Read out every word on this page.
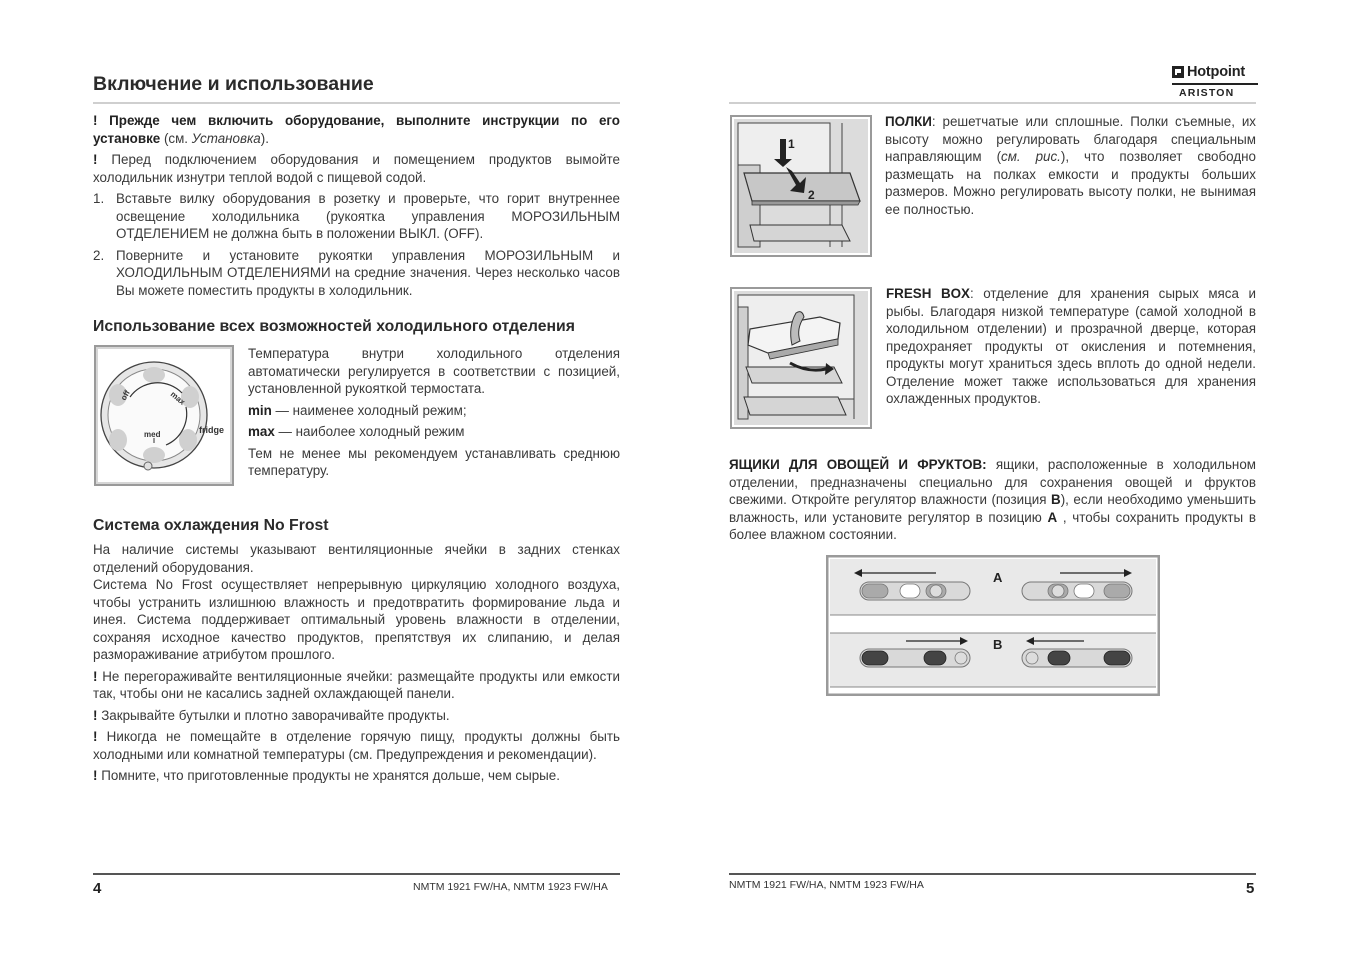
Включение и использование

! Прежде чем включить оборудование, выполните инструкции по его установке (см. Установка).

! Перед подключением оборудования и помещением продуктов вымойте холодильник изнутри теплой водой с пищевой содой.

1. Вставьте вилку оборудования в розетку и проверьте, что горит внутреннее освещение холодильника (рукоятка управления МОРОЗИЛЬНЫМ ОТДЕЛЕНИЕМ не должна быть в положении ВЫКЛ. (OFF).
2. Поверните и установите рукоятки управления МОРОЗИЛЬНЫМ и ХОЛОДИЛЬНЫМ ОТДЕЛЕНИЯМИ на средние значения. Через несколько часов Вы можете поместить продукты в холодильник.
Использование всех возможностей холодильного отделения
off	max
med	fridge

Температура внутри холодильного отделения автоматически регулируется в соответствии с позицией, установленной рукояткой термостата.

min — наименее холодный режим;

max — наиболее холодный режим

Тем не менее мы рекомендуем устанавливать среднюю температуру.

Система охлаждения No Frost

На наличие системы указывают вентиляционные ячейки в задних стенках отделений оборудования.

Система No Frost осуществляет непрерывную циркуляцию холодного воздуха, чтобы устранить излишнюю влажность и предотвратить формирование льда и инея. Система поддерживает оптимальный уровень влажности в отделении, сохраняя исходное качество продуктов, препятствуя их слипанию, и делая размораживание атрибутом прошлого.

! Не перегораживайте вентиляционные ячейки: размещайте продукты или емкости так, чтобы они не касались задней охлаждающей панели.

! Закрывайте бутылки и плотно заворачивайте продукты.

! Никогда не помещайте в отделение горячую пищу, продукты должны быть холодными или комнатной температуры (см. Предупреждения и рекомендации).

! Помните, что приготовленные продукты не хранятся дольше, чем сырые.

4	NMTM 1921 FW/HA, NMTM 1923 FW/HA
Hotpoint
ARISTON
1
2

ПОЛКИ: решетчатые или сплошные. Полки съемные, их высоту можно регулировать благодаря специальным направляющим (см. рис.), что позволяет свободно размещать на полках емкости и продукты больших размеров. Можно регулировать высоту полки, не вынимая ее полностью.

FRESH BOX: отделение для хранения сырых мяса и рыбы. Благодаря низкой температуре (самой холодной в холодильном отделении) и прозрачной дверце, которая предохраняет продукты от окисления и потемнения, продукты могут храниться здесь вплоть до одной недели. Отделение может также использоваться для хранения охлажденных продуктов.

ЯЩИКИ ДЛЯ ОВОЩЕЙ И ФРУКТОВ: ящики, расположенные в холодильном отделении, предназначены специально для сохранения овощей и фруктов свежими. Откройте регулятор влажности (позиция B), если необходимо уменьшить влажность, или установите регулятор в позицию A , чтобы сохранить продукты в более влажном состоянии.

A
B
NMTM 1921 FW/HA, NMTM 1923 FW/HA	5
